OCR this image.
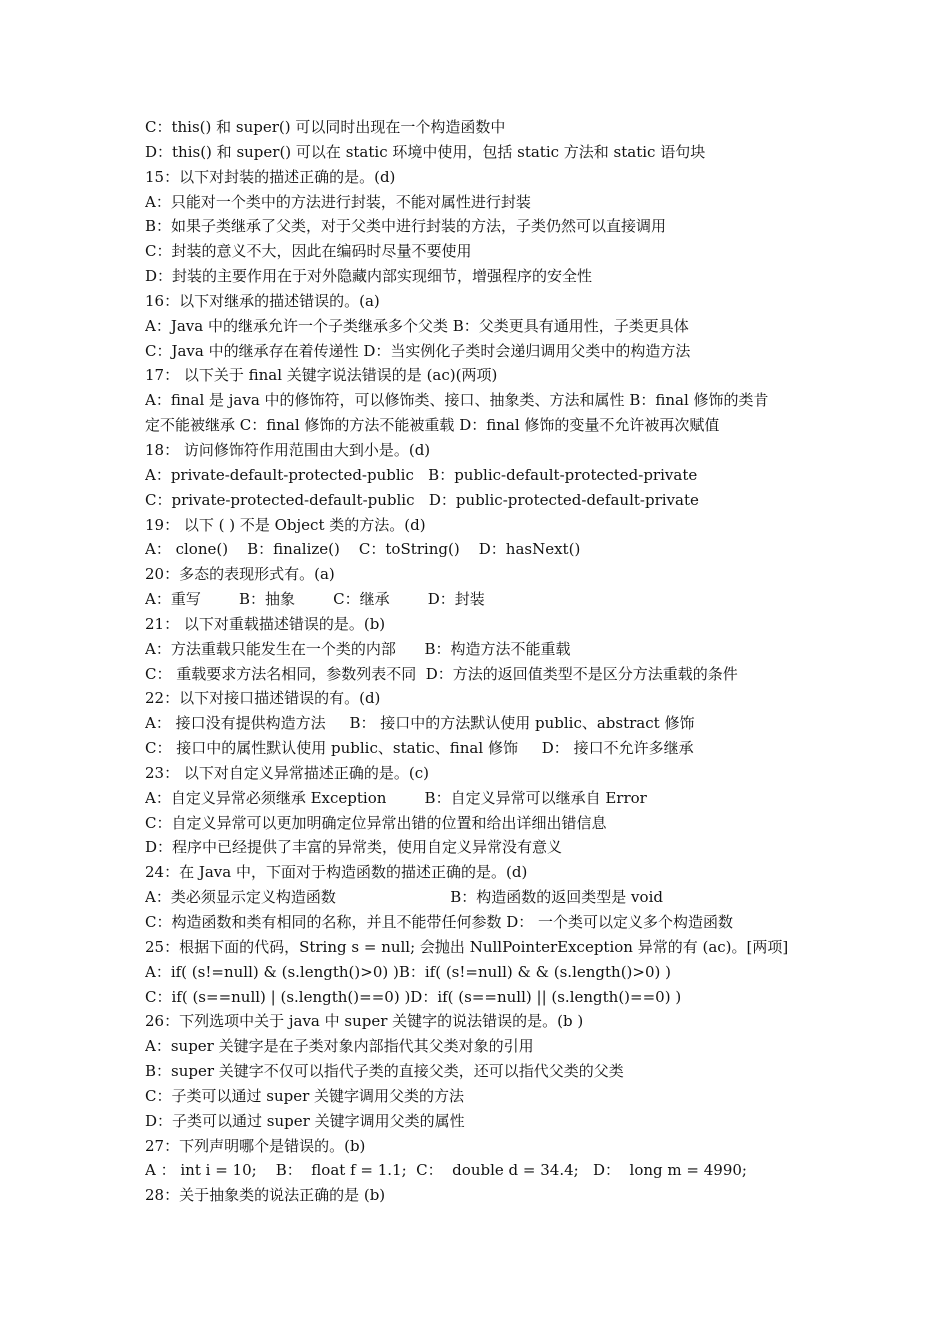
C：this() 和 super() 可以同时出现在一个构造函数中
D：this() 和 super() 可以在 static 环境中使用，包括 static 方法和 static 语句块
15：以下对封装的描述正确的是。(d)
A：只能对一个类中的方法进行封装，不能对属性进行封装
B：如果子类继承了父类，对于父类中进行封装的方法，子类仍然可以直接调用
C：封装的意义不大，因此在编码时尽量不要使用
D：封装的主要作用在于对外隐藏内部实现细节，增强程序的安全性
16：以下对继承的描述错误的。(a)
A：Java 中的继承允许一个子类继承多个父类 B：父类更具有通用性，子类更具体
C：Java 中的继承存在着传递性 D：当实例化子类时会递归调用父类中的构造方法
17： 以下关于 final 关键字说法错误的是 (ac)(两项)
A：final 是 java 中的修饰符，可以修饰类、接口、抽象类、方法和属性 B：final 修饰的类肯
定不能被继承 C：final 修饰的方法不能被重载 D：final 修饰的变量不允许被再次赋值
18： 访问修饰符作用范围由大到小是。(d)
A：private-default-protected-public   B：public-default-protected-private
C：private-protected-default-public   D：public-protected-default-private
19： 以下 ( ) 不是 Object 类的方法。(d)
A： clone()    B：finalize()    C：toString()    D：hasNext()
20：多态的表现形式有。(a)
A：重写        B：抽象        C：继承        D：封装
21： 以下对重载描述错误的是。(b)
A：方法重载只能发生在一个类的内部      B：构造方法不能重载
C： 重载要求方法名相同，参数列表不同  D：方法的返回值类型不是区分方法重载的条件
22：以下对接口描述错误的有。(d)
A： 接口没有提供构造方法     B： 接口中的方法默认使用 public、abstract 修饰
C： 接口中的属性默认使用 public、static、final 修饰     D： 接口不允许多继承
23： 以下对自定义异常描述正确的是。(c)
A：自定义异常必须继承 Exception        B：自定义异常可以继承自 Error
C：自定义异常可以更加明确定位异常出错的位置和给出详细出错信息
D：程序中已经提供了丰富的异常类，使用自定义异常没有意义
24：在 Java 中，下面对于构造函数的描述正确的是。(d)
A：类必须显示定义构造函数                        B：构造函数的返回类型是 void
C：构造函数和类有相同的名称，并且不能带任何参数 D： 一个类可以定义多个构造函数
25：根据下面的代码，String s = null; 会抛出 NullPointerException 异常的有 (ac)。[两项]
A：if( (s!=null) & (s.length()>0) )B：if( (s!=null) & & (s.length()>0) )
C：if( (s==null) | (s.length()==0) )D：if( (s==null) || (s.length()==0) )
26：下列选项中关于 java 中 super 关键字的说法错误的是。(b )
A：super 关键字是在子类对象内部指代其父类对象的引用
B：super 关键字不仅可以指代子类的直接父类，还可以指代父类的父类
C：子类可以通过 super 关键字调用父类的方法
D：子类可以通过 super 关键字调用父类的属性
27：下列声明哪个是错误的。(b)
A ： int i = 10;    B：  float f = 1.1;  C：  double d = 34.4;   D：  long m = 4990;
28：关于抽象类的说法正确的是 (b)
